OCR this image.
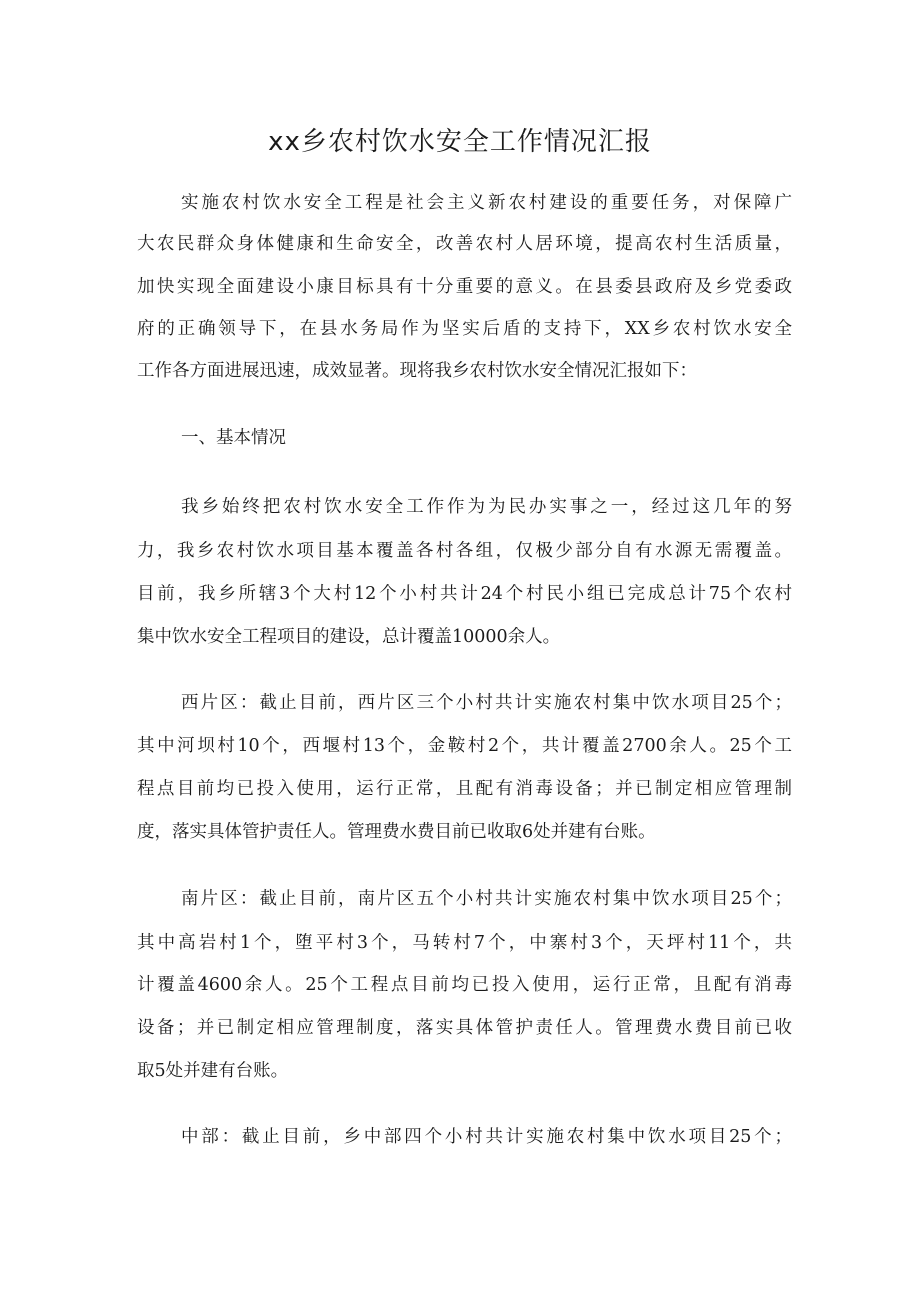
xx乡农村饮水安全工作情况汇报

实施农村饮水安全工程是社会主义新农村建设的重要任务，对保障广

大农民群众身体健康和生命安全，改善农村人居环境，提高农村生活质量，

加快实现全面建设小康目标具有十分重要的意义。在县委县政府及乡党委政

府的正确领导下，在县水务局作为坚实后盾的支持下，XX乡农村饮水安全

工作各方面进展迅速，成效显著。现将我乡农村饮水安全情况汇报如下：

一、基本情况

我乡始终把农村饮水安全工作作为为民办实事之一，经过这几年的努

力，我乡农村饮水项目基本覆盖各村各组，仅极少部分自有水源无需覆盖。

目前，我乡所辖3个大村12个小村共计24个村民小组已完成总计75个农村

集中饮水安全工程项目的建设，总计覆盖10000余人。

西片区：截止目前，西片区三个小村共计实施农村集中饮水项目25个；

其中河坝村10个，西堰村13个，金鞍村2个，共计覆盖2700余人。25个工

程点目前均已投入使用，运行正常，且配有消毒设备；并已制定相应管理制

度，落实具体管护责任人。管理费水费目前已收取6处并建有台账。

南片区：截止目前，南片区五个小村共计实施农村集中饮水项目25个；

其中高岩村1个，堕平村3个，马转村7个，中寨村3个，天坪村11个，共

计覆盖4600余人。25个工程点目前均已投入使用，运行正常，且配有消毒

设备；并已制定相应管理制度，落实具体管护责任人。管理费水费目前已收

取5处并建有台账。

中部：截止目前，乡中部四个小村共计实施农村集中饮水项目25个；
